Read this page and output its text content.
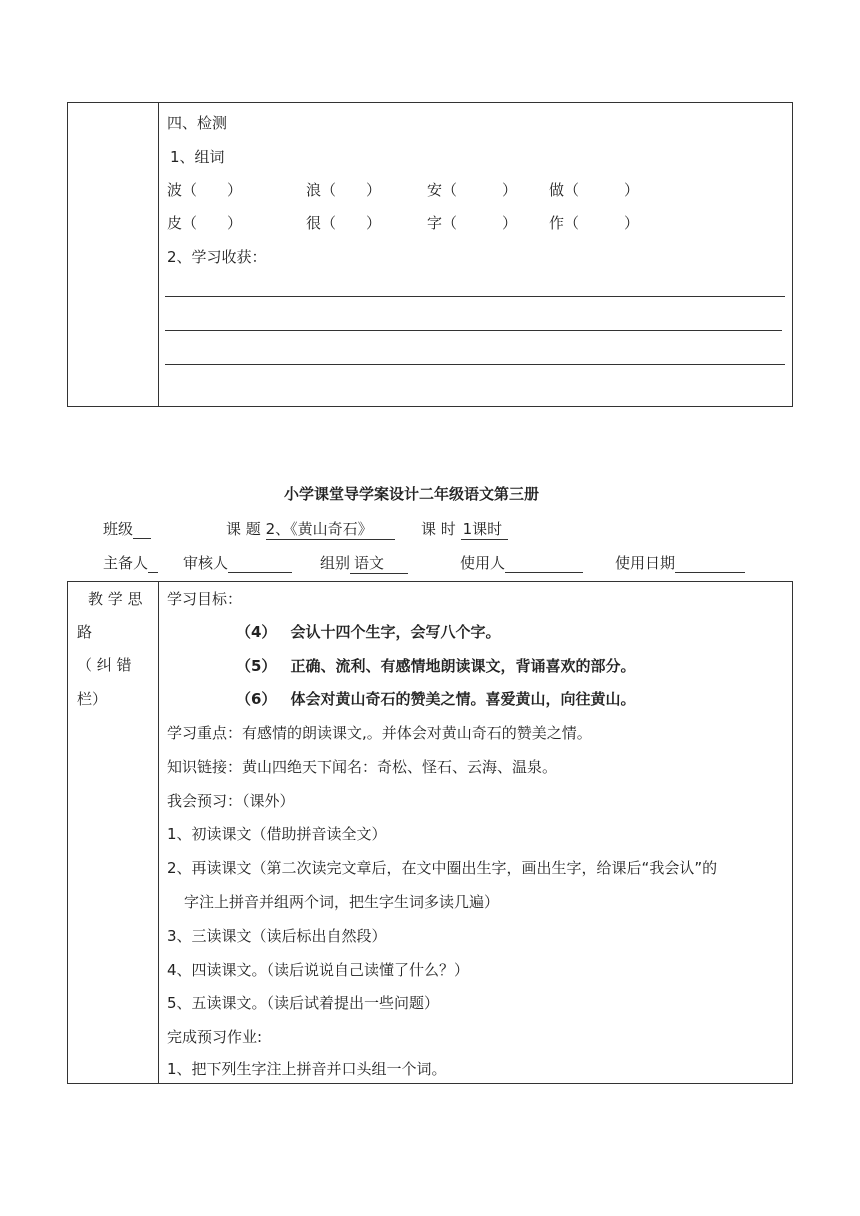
四、检测
1、组词
波（　　）	浪（　　）	安（　　　） 做（　　　）
皮（　　）	很（　　）	字（　　　） 作（　　　）
2、学习收获：
小学课堂导学案设计二年级语文第三册
班级	课 题 2、《黄山奇石》	课 时 1课时
主备人	审核人	组别 语文	使用人	使用日期
教 学 思
路
（ 纠 错
栏）
学习目标：
（4） 会认十四个生字，会写八个字。
（5） 正确、流利、有感情地朗读课文，背诵喜欢的部分。
（6） 体会对黄山奇石的赞美之情。喜爱黄山，向往黄山。
学习重点：有感情的朗读课文,。并体会对黄山奇石的赞美之情。
知识链接：黄山四绝天下闻名：奇松、怪石、云海、温泉。
我会预习：（课外）
1、初读课文（借助拼音读全文）
2、再读课文（第二次读完文章后，在文中圈出生字，画出生字，给课后“我会认”的
字注上拼音并组两个词，把生字生词多读几遍）
3、三读课文（读后标出自然段）
4、四读课文。（读后说说自己读懂了什么？）
5、五读课文。（读后试着提出一些问题）
完成预习作业:
1、把下列生字注上拼音并口头组一个词。
